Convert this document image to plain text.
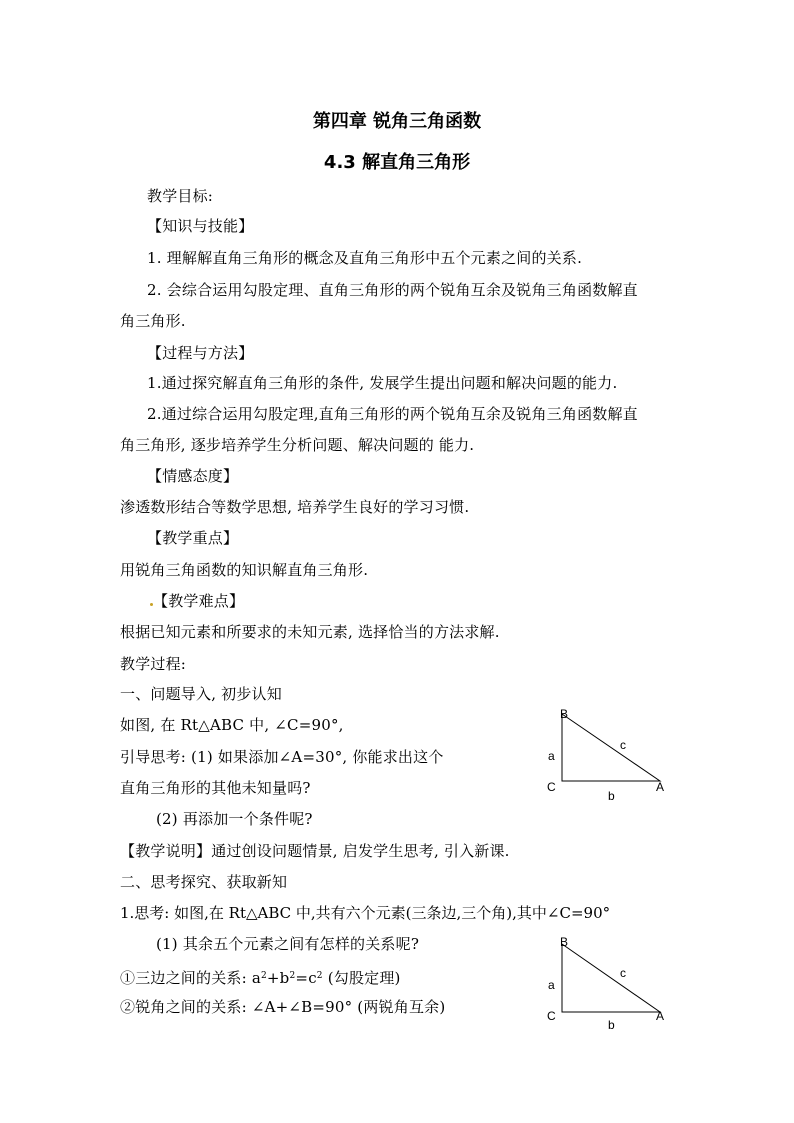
第四章 锐角三角函数
4.3 解直角三角形
教学目标:
【知识与技能】
1. 理解解直角三角形的概念及直角三角形中五个元素之间的关系.
2. 会综合运用勾股定理、直角三角形的两个锐角互余及锐角三角函数解直
角三角形.
【过程与方法】
1.通过探究解直角三角形的条件, 发展学生提出问题和解决问题的能力.
2.通过综合运用勾股定理,直角三角形的两个锐角互余及锐角三角函数解直
角三角形, 逐步培养学生分析问题、解决问题的 能力.
【情感态度】
渗透数形结合等数学思想, 培养学生良好的学习习惯.
【教学重点】
用锐角三角函数的知识解直角三角形.
【教学难点】
根据已知元素和所要求的未知元素, 选择恰当的方法求解.
教学过程:
一、问题导入, 初步认知
如图, 在 Rt△ABC 中, ∠C=90°,
引导思考: (1) 如果添加∠A=30°, 你能求出这个
直角三角形的其他未知量吗?
(2) 再添加一个条件呢?
【教学说明】通过创设问题情景, 启发学生思考, 引入新课.
二、思考探究、获取新知
1.思考: 如图,在 Rt△ABC 中,共有六个元素(三条边,三个角),其中∠C=90°
(1) 其余五个元素之间有怎样的关系呢?
①三边之间的关系: $a^2+b^2=c^2$ (勾股定理)
②锐角之间的关系: ∠A+∠B=90° (两锐角互余)
B
C	A
a
b
c
B
C	A
a
b
c
